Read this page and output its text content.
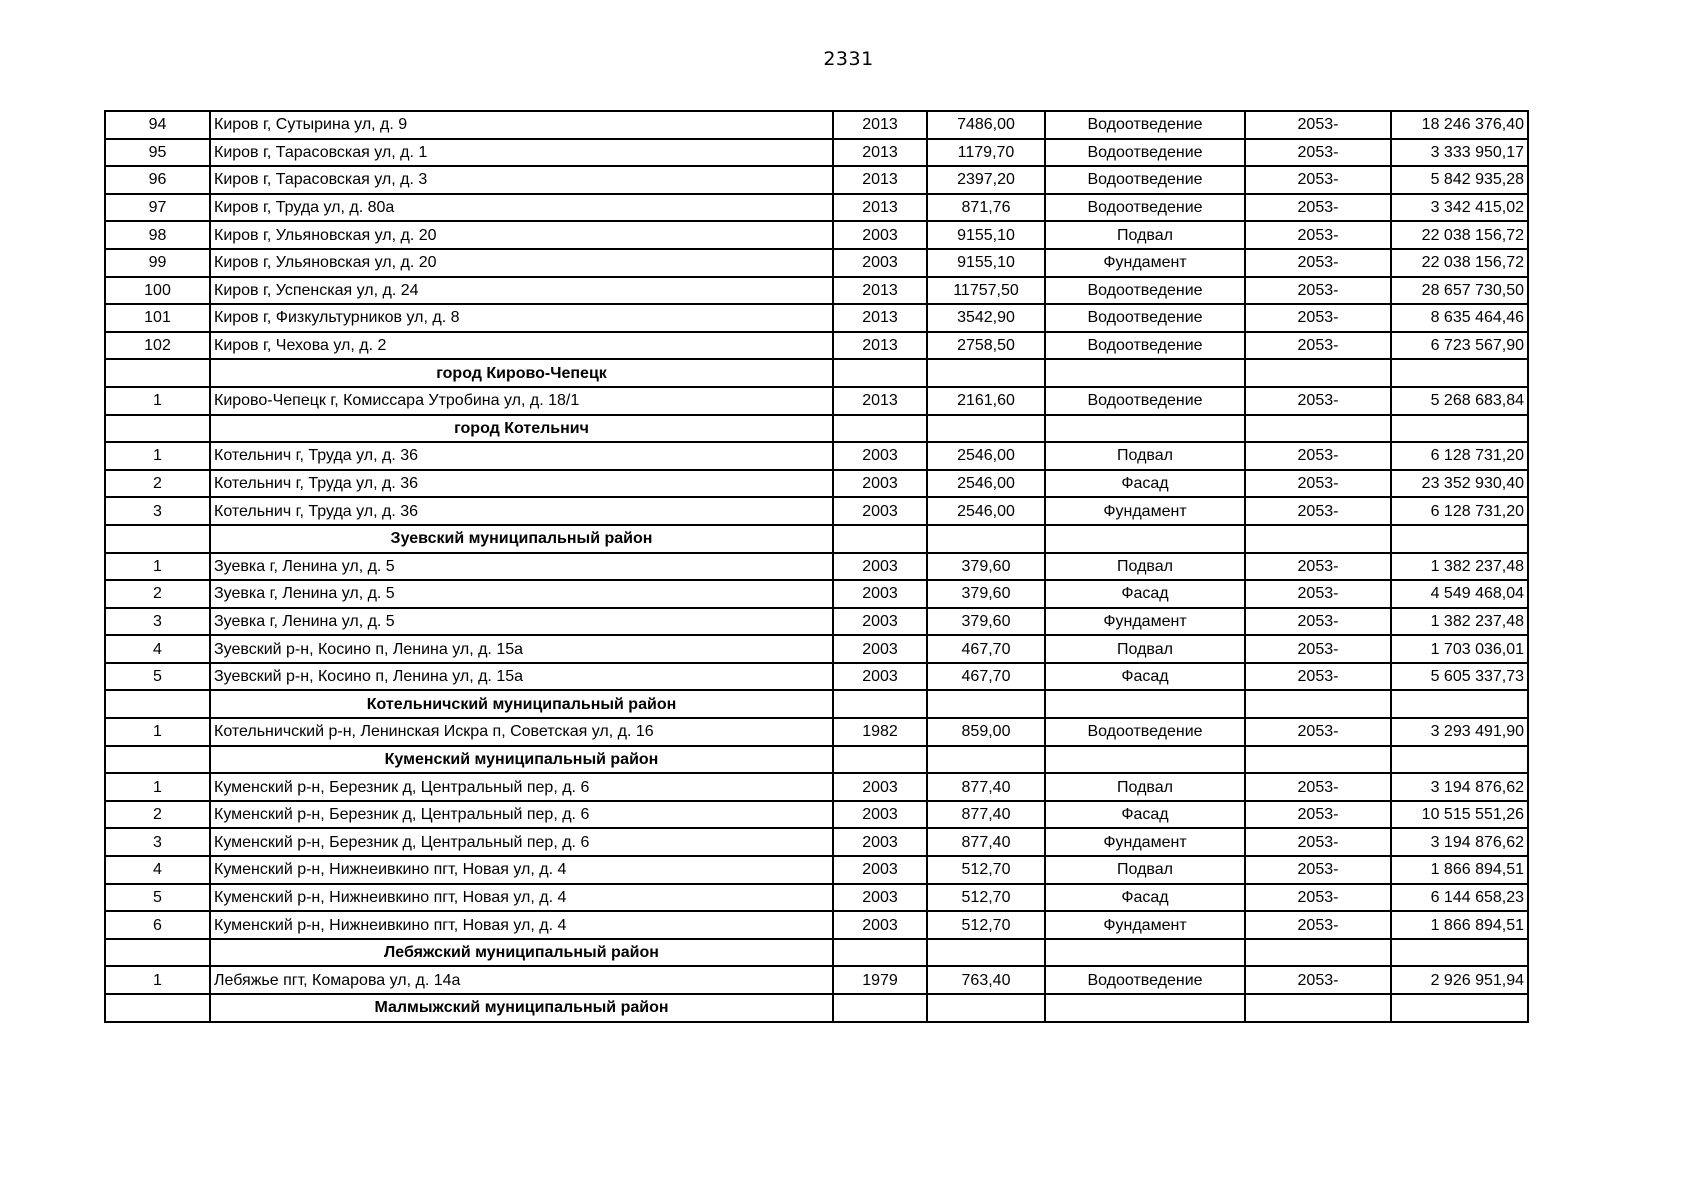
2331
94	Киров г, Сутырина ул, д. 9	2013	7486,00	Водоотведение	2053-	18 246 376,40
95	Киров г, Тарасовская ул, д. 1	2013	1179,70	Водоотведение	2053-	3 333 950,17
96	Киров г, Тарасовская ул, д. 3	2013	2397,20	Водоотведение	2053-	5 842 935,28
97	Киров г, Труда ул, д. 80а	2013	871,76	Водоотведение	2053-	3 342 415,02
98	Киров г, Ульяновская ул, д. 20	2003	9155,10	Подвал	2053-	22 038 156,72
99	Киров г, Ульяновская ул, д. 20	2003	9155,10	Фундамент	2053-	22 038 156,72
100	Киров г, Успенская ул, д. 24	2013	11757,50	Водоотведение	2053-	28 657 730,50
101	Киров г, Физкультурников ул, д. 8	2013	3542,90	Водоотведение	2053-	8 635 464,46
102	Киров г, Чехова ул, д. 2	2013	2758,50	Водоотведение	2053-	6 723 567,90
	город Кирово-Чепецк					
1	Кирово-Чепецк г, Комиссара Утробина ул, д. 18/1	2013	2161,60	Водоотведение	2053-	5 268 683,84
	город Котельнич					
1	Котельнич г, Труда ул, д. 36	2003	2546,00	Подвал	2053-	6 128 731,20
2	Котельнич г, Труда ул, д. 36	2003	2546,00	Фасад	2053-	23 352 930,40
3	Котельнич г, Труда ул, д. 36	2003	2546,00	Фундамент	2053-	6 128 731,20
	Зуевский муниципальный район					
1	Зуевка г, Ленина ул, д. 5	2003	379,60	Подвал	2053-	1 382 237,48
2	Зуевка г, Ленина ул, д. 5	2003	379,60	Фасад	2053-	4 549 468,04
3	Зуевка г, Ленина ул, д. 5	2003	379,60	Фундамент	2053-	1 382 237,48
4	Зуевский р-н, Косино п, Ленина ул, д. 15а	2003	467,70	Подвал	2053-	1 703 036,01
5	Зуевский р-н, Косино п, Ленина ул, д. 15а	2003	467,70	Фасад	2053-	5 605 337,73
	Котельничский муниципальный район					
1	Котельничский р-н, Ленинская Искра п, Советская ул, д. 16	1982	859,00	Водоотведение	2053-	3 293 491,90
	Куменский муниципальный район					
1	Куменский р-н, Березник д, Центральный пер, д. 6	2003	877,40	Подвал	2053-	3 194 876,62
2	Куменский р-н, Березник д, Центральный пер, д. 6	2003	877,40	Фасад	2053-	10 515 551,26
3	Куменский р-н, Березник д, Центральный пер, д. 6	2003	877,40	Фундамент	2053-	3 194 876,62
4	Куменский р-н, Нижнеивкино пгт, Новая ул, д. 4	2003	512,70	Подвал	2053-	1 866 894,51
5	Куменский р-н, Нижнеивкино пгт, Новая ул, д. 4	2003	512,70	Фасад	2053-	6 144 658,23
6	Куменский р-н, Нижнеивкино пгт, Новая ул, д. 4	2003	512,70	Фундамент	2053-	1 866 894,51
	Лебяжский муниципальный район					
1	Лебяжье пгт, Комарова ул, д. 14а	1979	763,40	Водоотведение	2053-	2 926 951,94
	Малмыжский муниципальный район					
